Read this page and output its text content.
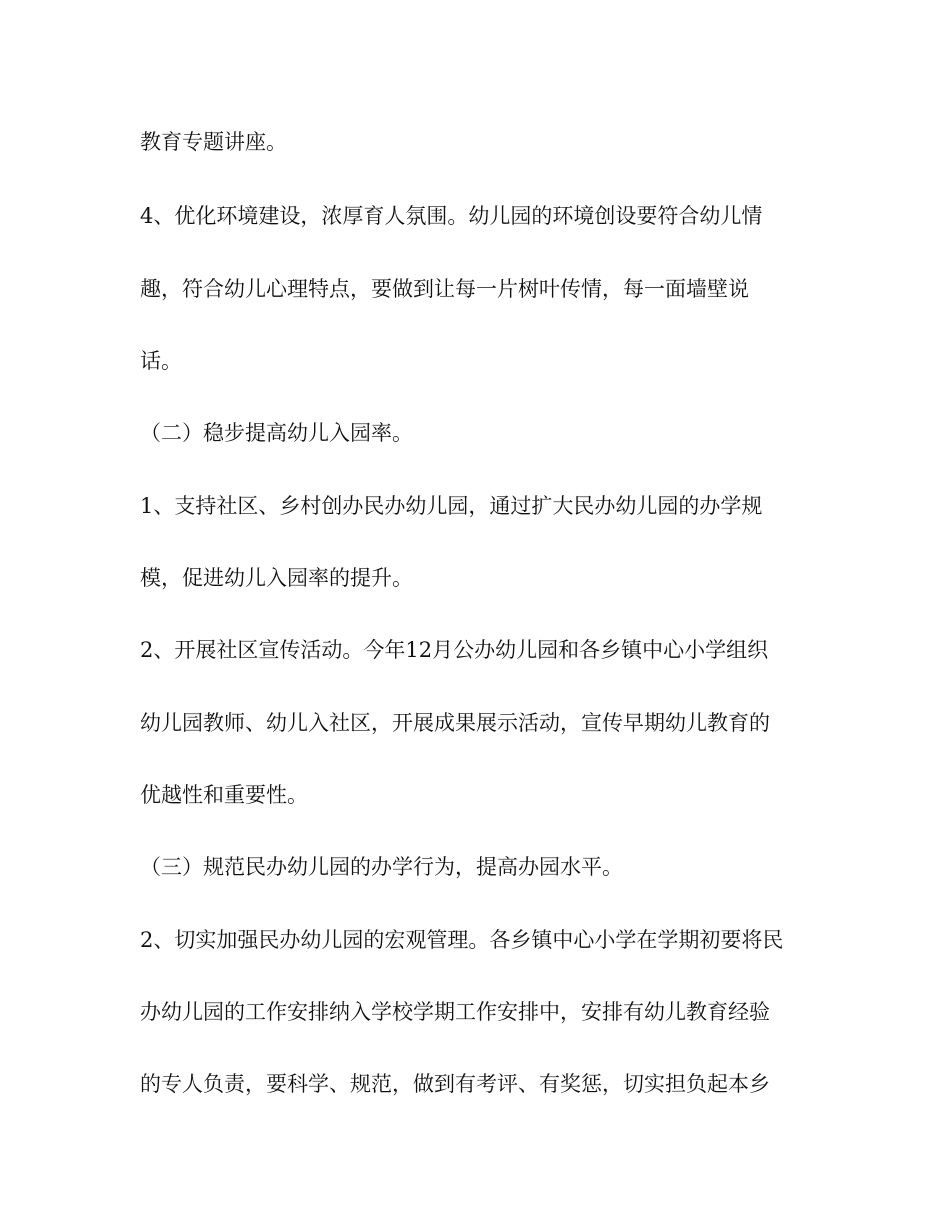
教育专题讲座。

4、优化环境建设，浓厚育人氛围。幼儿园的环境创设要符合幼儿情

趣，符合幼儿心理特点，要做到让每一片树叶传情，每一面墙壁说

话。

（二）稳步提高幼儿入园率。

1、支持社区、乡村创办民办幼儿园，通过扩大民办幼儿园的办学规

模，促进幼儿入园率的提升。

2、开展社区宣传活动。今年12月公办幼儿园和各乡镇中心小学组织

幼儿园教师、幼儿入社区，开展成果展示活动，宣传早期幼儿教育的

优越性和重要性。

（三）规范民办幼儿园的办学行为，提高办园水平。

2、切实加强民办幼儿园的宏观管理。各乡镇中心小学在学期初要将民

办幼儿园的工作安排纳入学校学期工作安排中，安排有幼儿教育经验

的专人负责，要科学、规范，做到有考评、有奖惩，切实担负起本乡
